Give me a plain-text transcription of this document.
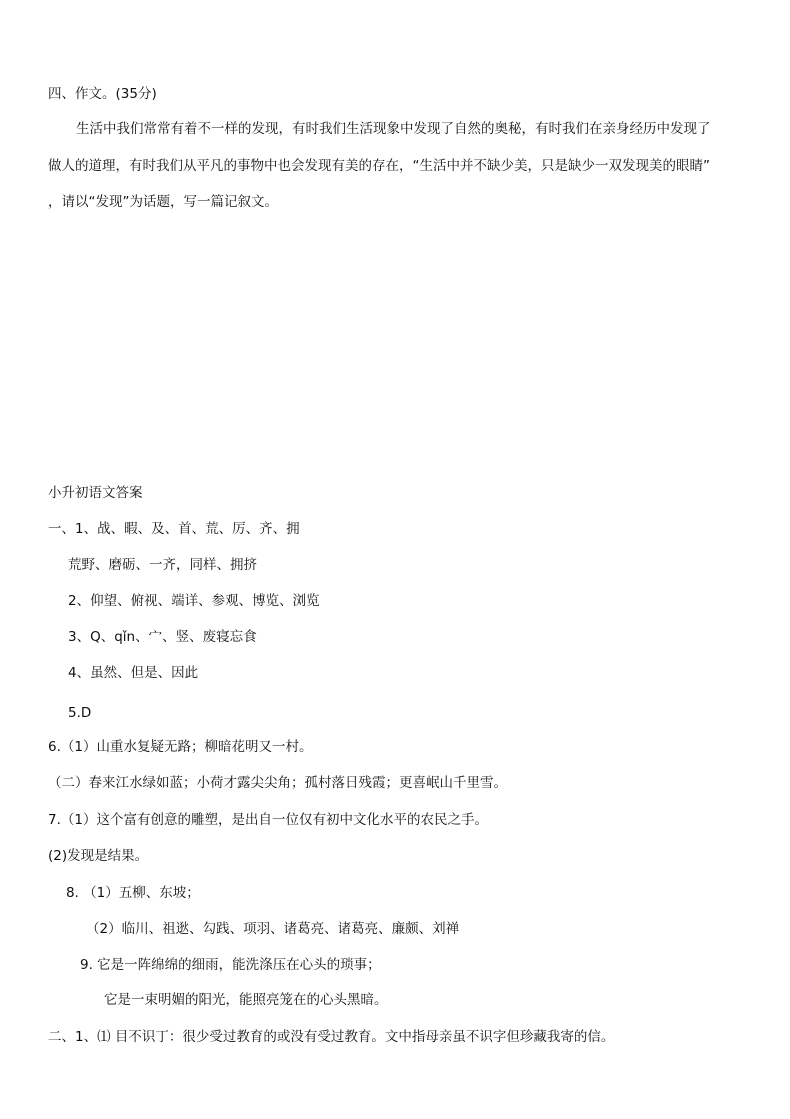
四、作文。(35分)
生活中我们常常有着不一样的发现，有时我们生活现象中发现了自然的奥秘，有时我们在亲身经历中发现了
做人的道理，有时我们从平凡的事物中也会发现有美的存在，“生活中并不缺少美，只是缺少一双发现美的眼睛”
，请以“发现”为话题，写一篇记叙文。
小升初语文答案
一、1、战、暇、及、首、荒、厉、齐、拥
荒野、磨砺、一齐，同样、拥挤
2、仰望、俯视、端详、参观、博览、浏览
3、Q、qǐn、宀、竖、废寝忘食
4、虽然、但是、因此
5.D
6.（1）山重水复疑无路；柳暗花明又一村。
（二）春来江水绿如蓝；小荷才露尖尖角；孤村落日残霞；更喜岷山千里雪。
7.（1）这个富有创意的雕塑，是出自一位仅有初中文化水平的农民之手。
(2)发现是结果。
8. （1）五柳、东坡；
（2）临川、祖逖、勾践、项羽、诸葛亮、诸葛亮、廉颇、刘禅
9. 它是一阵绵绵的细雨，能洗涤压在心头的琐事；
它是一束明媚的阳光，能照亮笼在的心头黑暗。
二、1、⑴ 目不识丁：很少受过教育的或没有受过教育。文中指母亲虽不识字但珍藏我寄的信。
